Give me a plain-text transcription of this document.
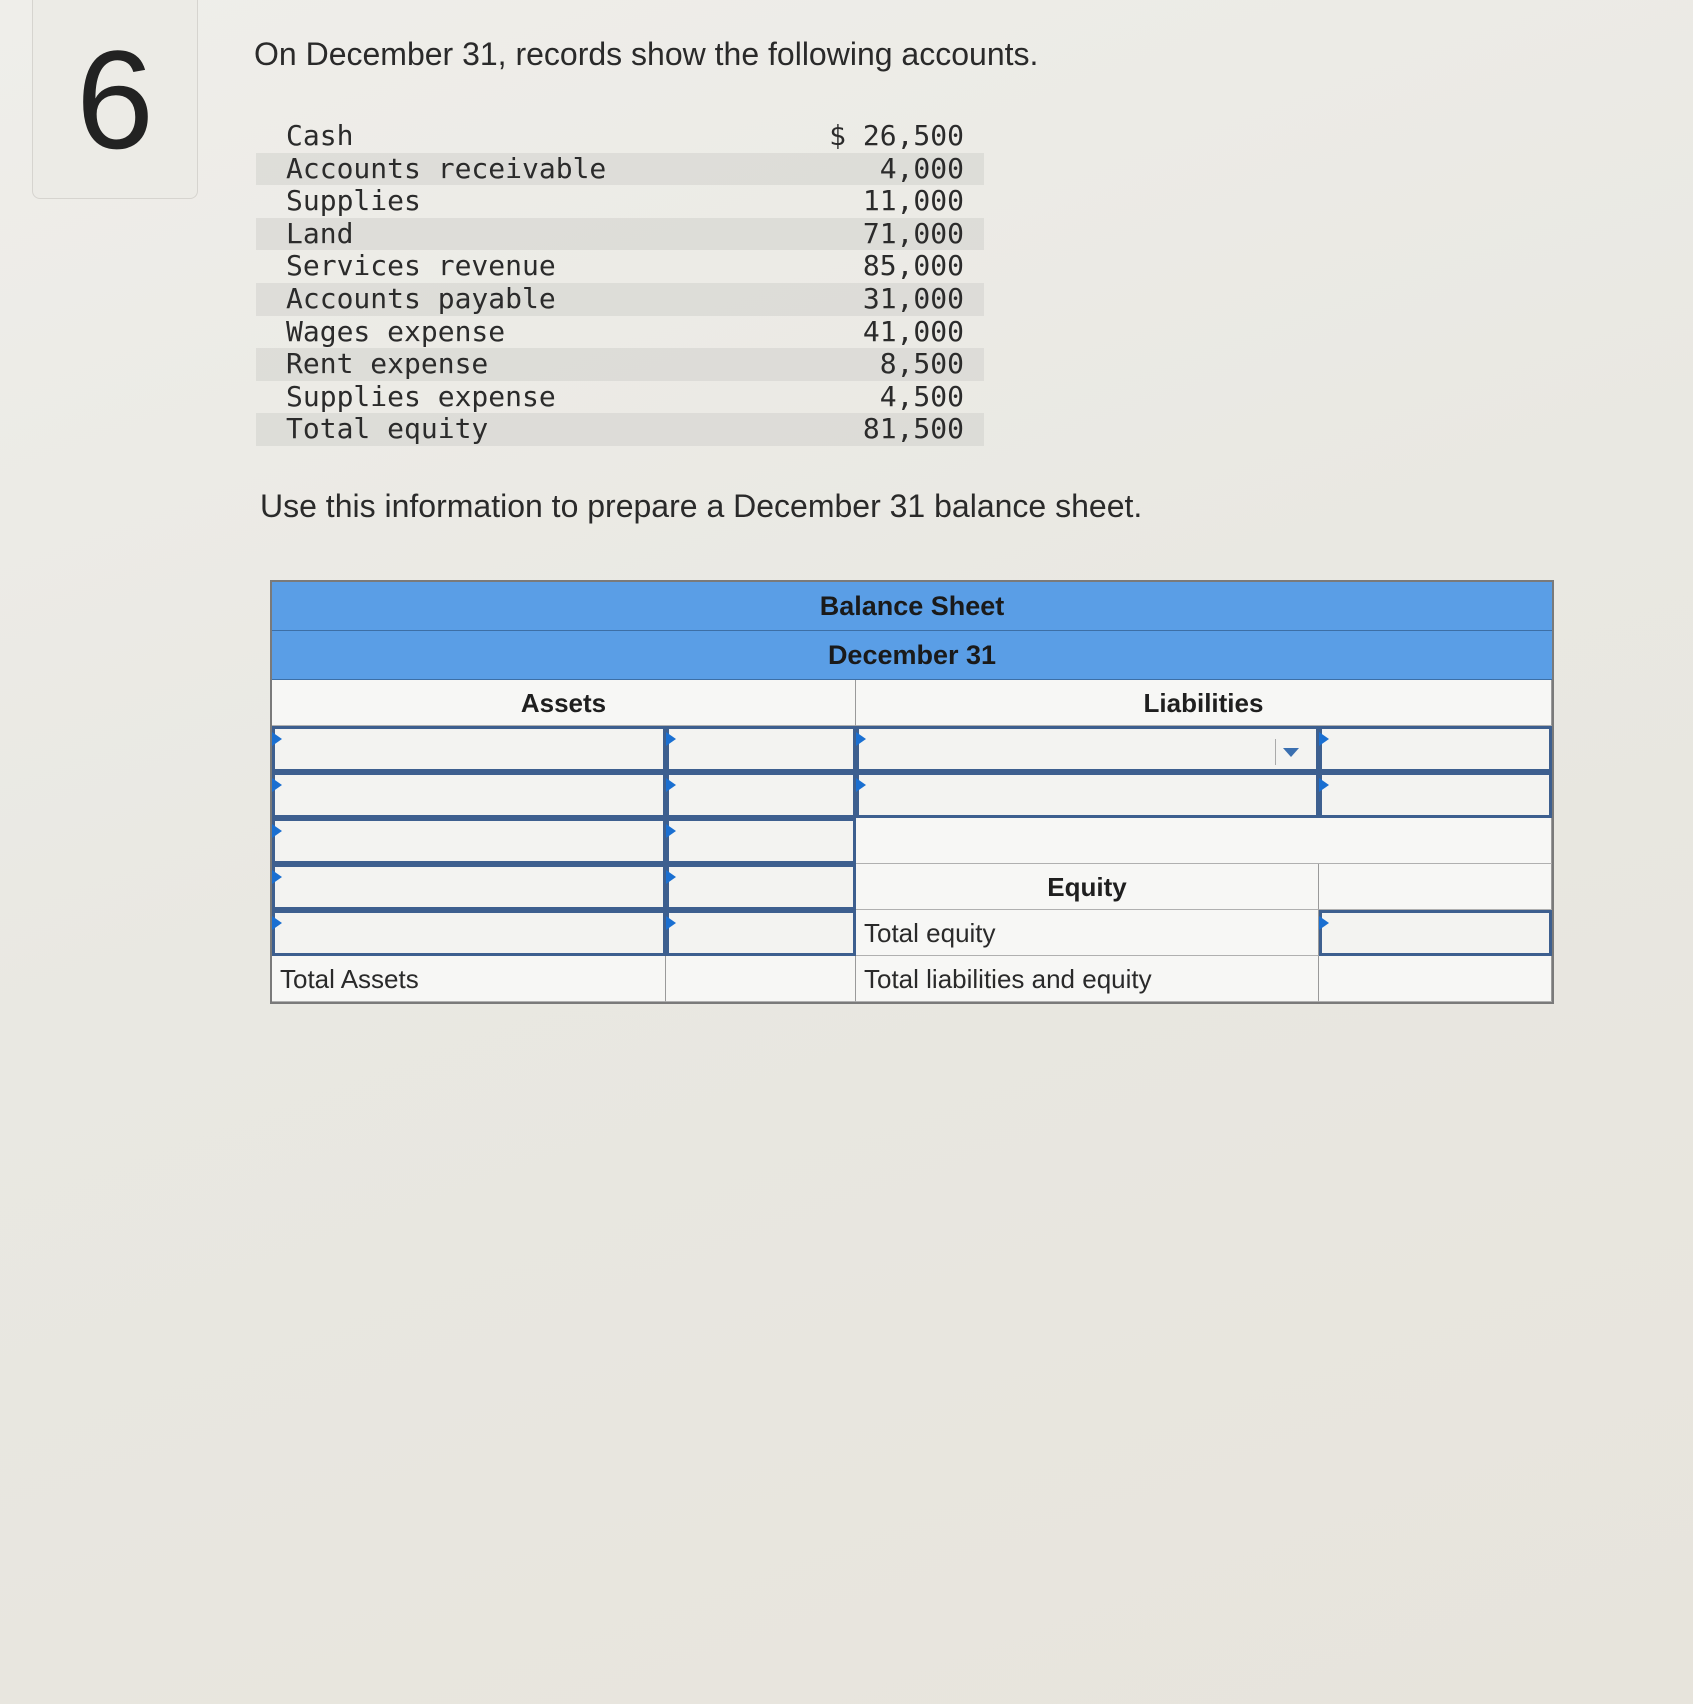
6	On December 31, records show the following accounts.
Cash	$ 26,500
Accounts receivable	4,000
Supplies	11,000
Land	71,000
Services revenue	85,000
Accounts payable	31,000
Wages expense	41,000
Rent expense	8,500
Supplies expense	4,500
Total equity	81,500
Use this information to prepare a December 31 balance sheet.
Balance Sheet
December 31
Assets	Liabilities
Equity
Total equity
Total Assets	Total liabilities and equity
